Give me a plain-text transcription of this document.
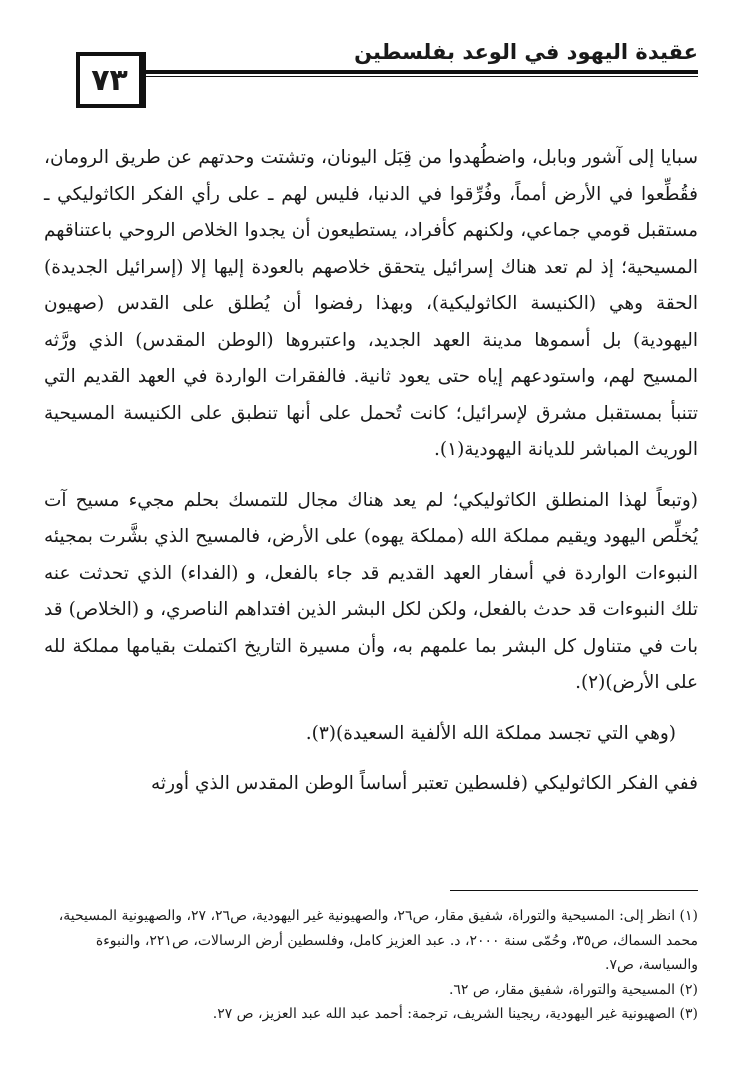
عقيدة اليهود في الوعد بفلسطين
٧٣

سبايا إلى آشور وبابل، واضطُهدوا من قِبَل اليونان، وتشتت وحدتهم عن طريق الرومان، فقُطِّعوا في الأرض أمماً، وفُرِّقوا في الدنيا، فليس لهم ـ على رأي الفكر الكاثوليكي ـ مستقبل قومي جماعي، ولكنهم كأفراد، يستطيعون أن يجدوا الخلاص الروحي باعتناقهم المسيحية؛ إذ لم تعد هناك إسرائيل يتحقق خلاصهم بالعودة إليها إلا (إسرائيل الجديدة) الحقة وهي (الكنيسة الكاثوليكية)، وبهذا رفضوا أن يُطلق على القدس (صهيون اليهودية) بل أسموها مدينة العهد الجديد، واعتبروها (الوطن المقدس) الذي ورَّثه المسيح لهم، واستودعهم إياه حتى يعود ثانية. فالفقرات الواردة في العهد القديم التي تتنبأ بمستقبل مشرق لإسرائيل؛ كانت تُحمل على أنها تنطبق على الكنيسة المسيحية الوريث المباشر للديانة اليهودية(١).

(وتبعاً لهذا المنطلق الكاثوليكي؛ لم يعد هناك مجال للتمسك بحلم مجيء مسيح آت يُخلِّص اليهود ويقيم مملكة الله (مملكة يهوه) على الأرض، فالمسيح الذي بشَّرت بمجيئه النبوءات الواردة في أسفار العهد القديم قد جاء بالفعل، و (الفداء) الذي تحدثت عنه تلك النبوءات قد حدث بالفعل، ولكن لكل البشر الذين افتداهم الناصري، و (الخلاص) قد بات في متناول كل البشر بما علمهم به، وأن مسيرة التاريخ اكتملت بقيامها مملكة لله على الأرض)(٢).

(وهي التي تجسد مملكة الله الألفية السعيدة)(٣).

ففي الفكر الكاثوليكي (فلسطين تعتبر أساساً الوطن المقدس الذي أورثه

(١) انظر إلى: المسيحية والتوراة، شفيق مقار، ص٢٦، والصهيونية غير اليهودية، ص٢٦، ٢٧، والصهيونية المسيحية، محمد السماك، ص٣٥، وحُمّى سنة ٢٠٠٠، د. عبد العزيز كامل، وفلسطين أرض الرسالات، ص٢٢١، والنبوءة والسياسة، ص٧.

(٢) المسيحية والتوراة، شفيق مقار، ص ٦٢.

(٣) الصهيونية غير اليهودية، ريجينا الشريف، ترجمة: أحمد عبد الله عبد العزيز، ص ٢٧.
